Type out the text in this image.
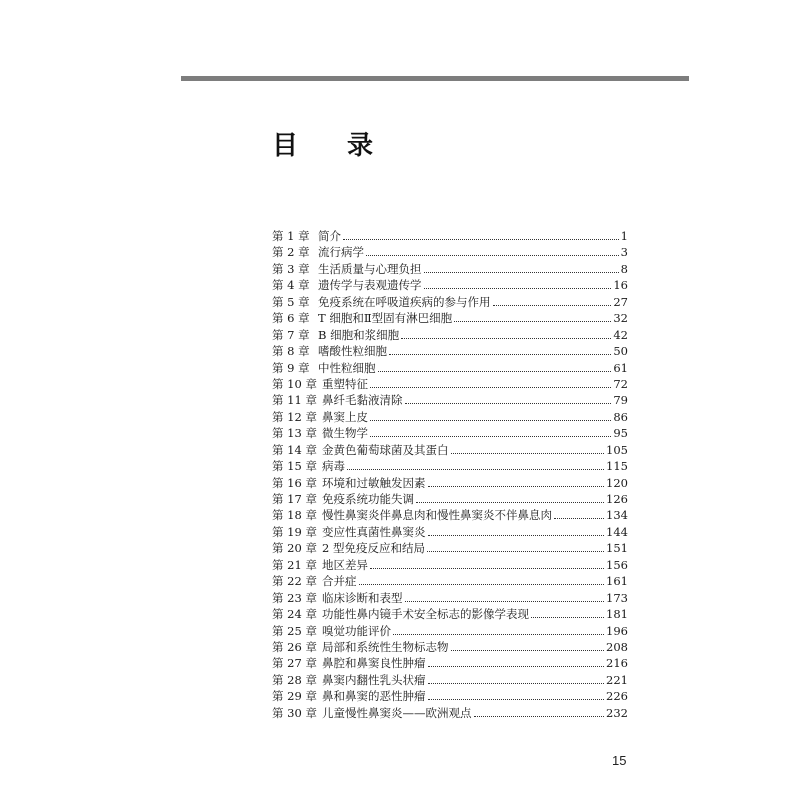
目 录
第 1 章 简介	1
第 2 章 流行病学	3
第 3 章 生活质量与心理负担	8
第 4 章 遗传学与表观遗传学	16
第 5 章 免疫系统在呼吸道疾病的参与作用	27
第 6 章 T 细胞和Ⅱ型固有淋巴细胞	32
第 7 章 B 细胞和浆细胞	42
第 8 章 嗜酸性粒细胞	50
第 9 章 中性粒细胞	61
第 10 章 重塑特征	72
第 11 章 鼻纤毛黏液清除	79
第 12 章 鼻窦上皮	86
第 13 章 微生物学	95
第 14 章 金黄色葡萄球菌及其蛋白	105
第 15 章 病毒	115
第 16 章 环境和过敏触发因素	120
第 17 章 免疫系统功能失调	126
第 18 章 慢性鼻窦炎伴鼻息肉和慢性鼻窦炎不伴鼻息肉	134
第 19 章 变应性真菌性鼻窦炎	144
第 20 章 2 型免疫反应和结局	151
第 21 章 地区差异	156
第 22 章 合并症	161
第 23 章 临床诊断和表型	173
第 24 章 功能性鼻内镜手术安全标志的影像学表现	181
第 25 章 嗅觉功能评价	196
第 26 章 局部和系统性生物标志物	208
第 27 章 鼻腔和鼻窦良性肿瘤	216
第 28 章 鼻窦内翻性乳头状瘤	221
第 29 章 鼻和鼻窦的恶性肿瘤	226
第 30 章 儿童慢性鼻窦炎——欧洲观点	232
15
